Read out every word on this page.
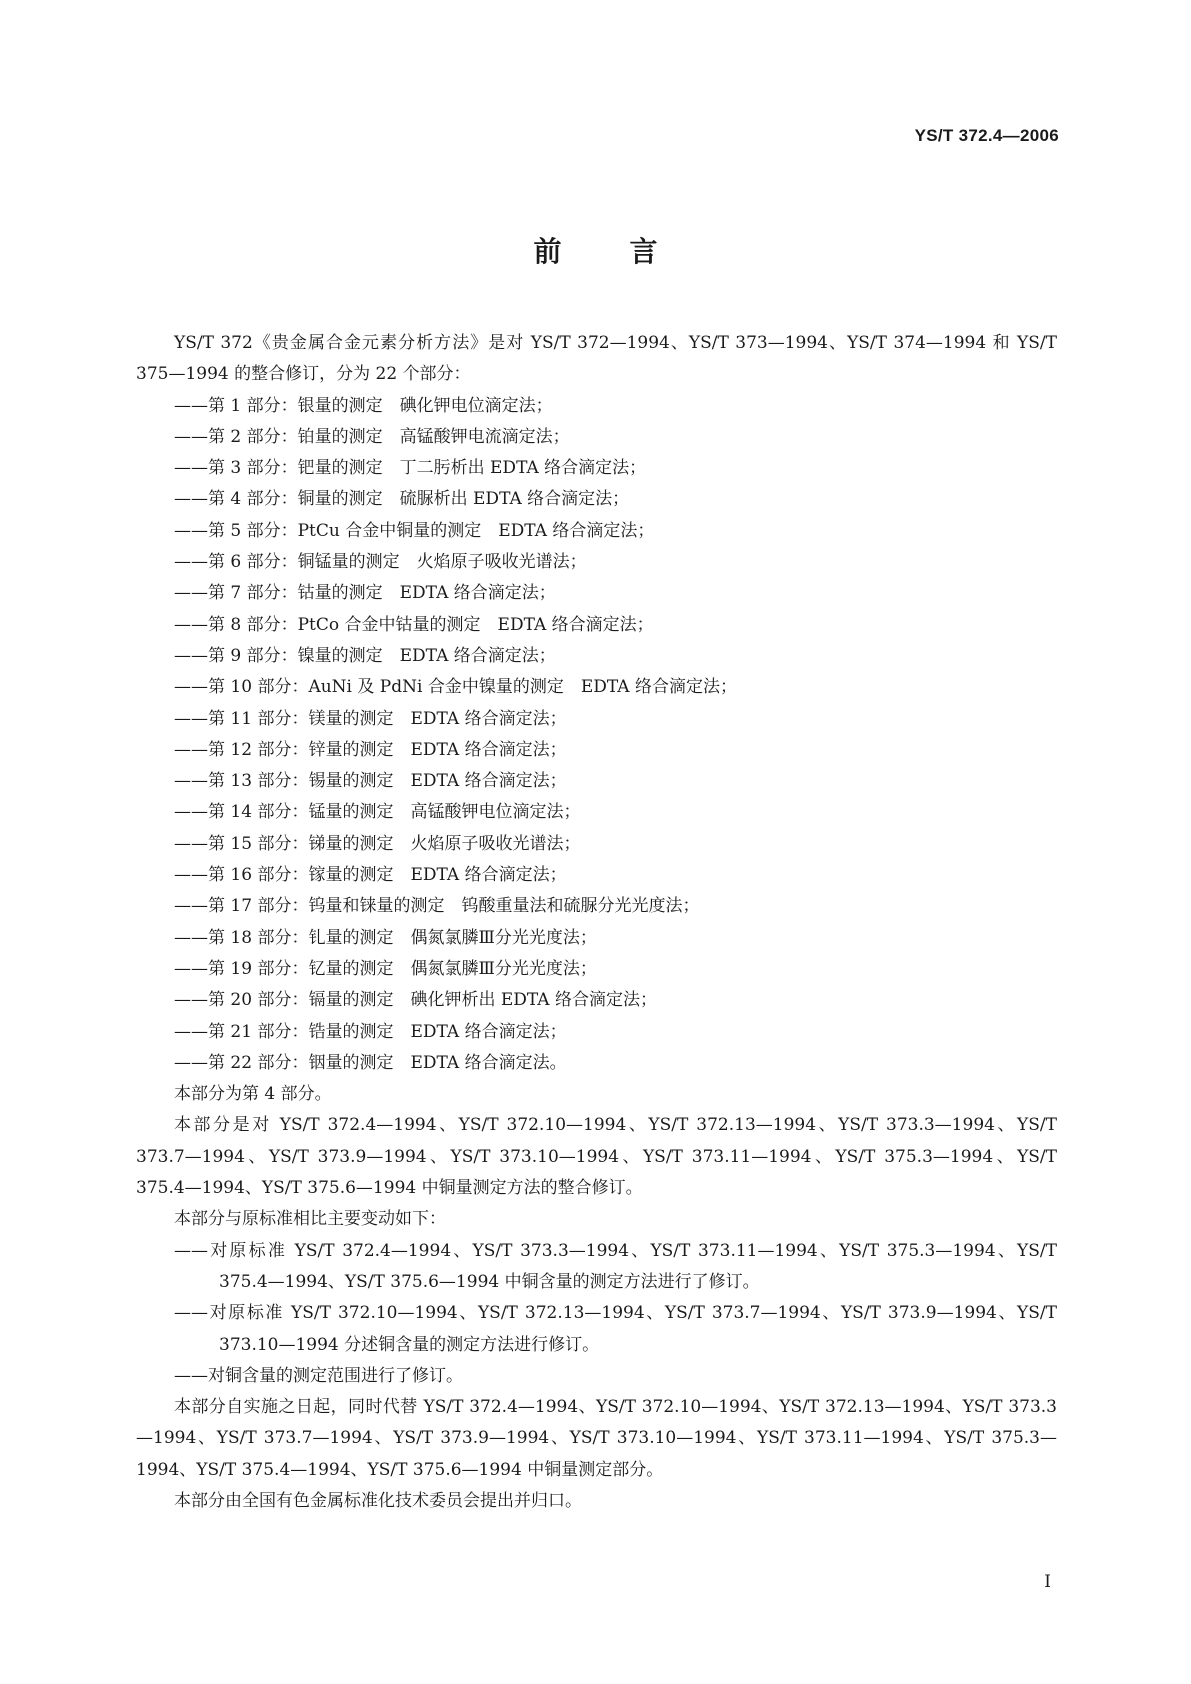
YS/T 372.4—2006
前 言

YS/T 372《贵金属合金元素分析方法》是对 YS/T 372—1994、YS/T 373—1994、YS/T 374—1994 和 YS/T 375—1994 的整合修订，分为 22 个部分：

——第 1 部分：银量的测定　碘化钾电位滴定法；

——第 2 部分：铂量的测定　高锰酸钾电流滴定法；

——第 3 部分：钯量的测定　丁二肟析出 EDTA 络合滴定法；

——第 4 部分：铜量的测定　硫脲析出 EDTA 络合滴定法；

——第 5 部分：PtCu 合金中铜量的测定　EDTA 络合滴定法；

——第 6 部分：铜锰量的测定　火焰原子吸收光谱法；

——第 7 部分：钴量的测定　EDTA 络合滴定法；

——第 8 部分：PtCo 合金中钴量的测定　EDTA 络合滴定法；

——第 9 部分：镍量的测定　EDTA 络合滴定法；

——第 10 部分：AuNi 及 PdNi 合金中镍量的测定　EDTA 络合滴定法；

——第 11 部分：镁量的测定　EDTA 络合滴定法；

——第 12 部分：锌量的测定　EDTA 络合滴定法；

——第 13 部分：锡量的测定　EDTA 络合滴定法；

——第 14 部分：锰量的测定　高锰酸钾电位滴定法；

——第 15 部分：锑量的测定　火焰原子吸收光谱法；

——第 16 部分：镓量的测定　EDTA 络合滴定法；

——第 17 部分：钨量和铼量的测定　钨酸重量法和硫脲分光光度法；

——第 18 部分：钆量的测定　偶氮氯膦Ⅲ分光光度法；

——第 19 部分：钇量的测定　偶氮氯膦Ⅲ分光光度法；

——第 20 部分：镉量的测定　碘化钾析出 EDTA 络合滴定法；

——第 21 部分：锆量的测定　EDTA 络合滴定法；

——第 22 部分：铟量的测定　EDTA 络合滴定法。

本部分为第 4 部分。

本部分是对 YS/T 372.4—1994、YS/T 372.10—1994、YS/T 372.13—1994、YS/T 373.3—1994、YS/T 373.7—1994、YS/T 373.9—1994、YS/T 373.10—1994、YS/T 373.11—1994、YS/T 375.3—1994、YS/T 375.4—1994、YS/T 375.6—1994 中铜量测定方法的整合修订。

本部分与原标准相比主要变动如下：

——对原标准 YS/T 372.4—1994、YS/T 373.3—1994、YS/T 373.11—1994、YS/T 375.3—1994、YS/T 375.4—1994、YS/T 375.6—1994 中铜含量的测定方法进行了修订。

——对原标准 YS/T 372.10—1994、YS/T 372.13—1994、YS/T 373.7—1994、YS/T 373.9—1994、YS/T 373.10—1994 分述铜含量的测定方法进行修订。

——对铜含量的测定范围进行了修订。

本部分自实施之日起，同时代替 YS/T 372.4—1994、YS/T 372.10—1994、YS/T 372.13—1994、YS/T 373.3—1994、YS/T 373.7—1994、YS/T 373.9—1994、YS/T 373.10—1994、YS/T 373.11—1994、YS/T 375.3—1994、YS/T 375.4—1994、YS/T 375.6—1994 中铜量测定部分。

本部分由全国有色金属标准化技术委员会提出并归口。

Ⅰ
